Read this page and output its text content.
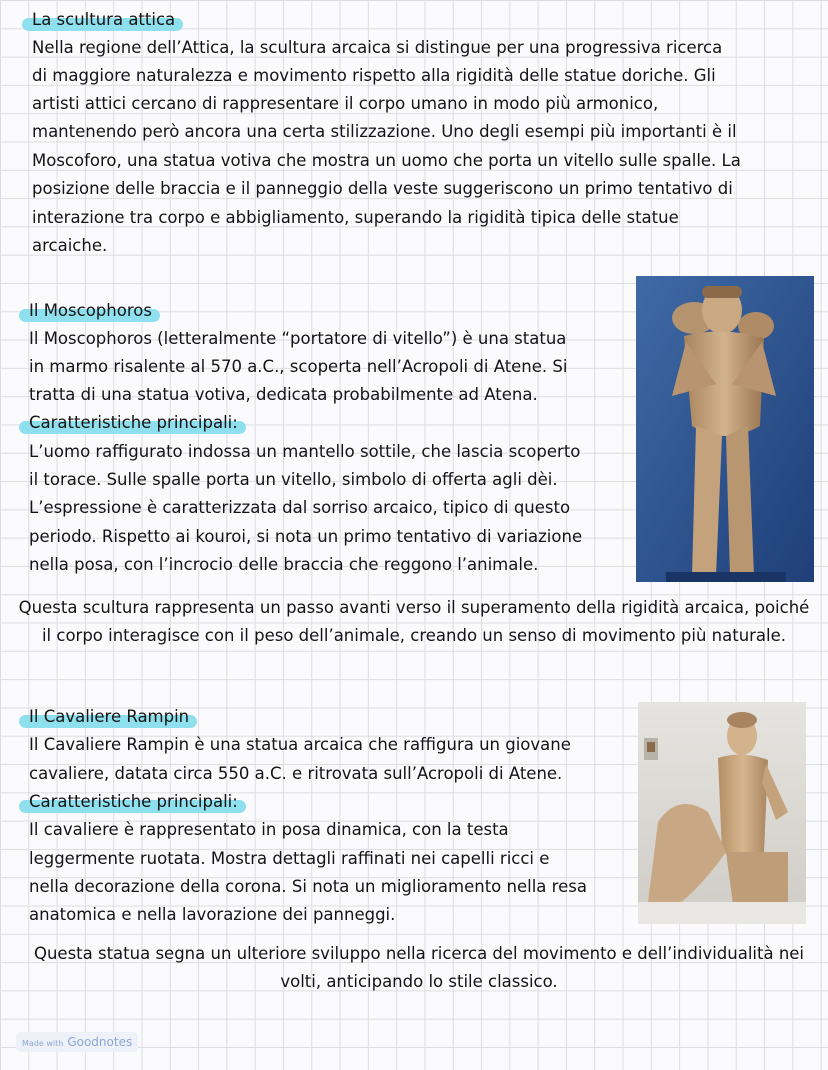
La scultura attica
Nella regione dell’Attica, la scultura arcaica si distingue per una progressiva ricerca
di maggiore naturalezza e movimento rispetto alla rigidità delle statue doriche. Gli
artisti attici cercano di rappresentare il corpo umano in modo più armonico,
mantenendo però ancora una certa stilizzazione. Uno degli esempi più importanti è il
Moscoforo, una statua votiva che mostra un uomo che porta un vitello sulle spalle. La
posizione delle braccia e il panneggio della veste suggeriscono un primo tentativo di
interazione tra corpo e abbigliamento, superando la rigidità tipica delle statue
arcaiche.
Il Moscophoros
Il Moscophoros (letteralmente “portatore di vitello”) è una statua
in marmo risalente al 570 a.C., scoperta nell’Acropoli di Atene. Si
tratta di una statua votiva, dedicata probabilmente ad Atena.
Caratteristiche principali:
L’uomo raffigurato indossa un mantello sottile, che lascia scoperto
il torace. Sulle spalle porta un vitello, simbolo di offerta agli dèi.
L’espressione è caratterizzata dal sorriso arcaico, tipico di questo
periodo. Rispetto ai kouroi, si nota un primo tentativo di variazione
nella posa, con l’incrocio delle braccia che reggono l’animale.
Questa scultura rappresenta un passo avanti verso il superamento della rigidità arcaica, poiché
il corpo interagisce con il peso dell’animale, creando un senso di movimento più naturale.
Il Cavaliere Rampin
Il Cavaliere Rampin è una statua arcaica che raffigura un giovane
cavaliere, datata circa 550 a.C. e ritrovata sull’Acropoli di Atene.
Caratteristiche principali:
Il cavaliere è rappresentato in posa dinamica, con la testa
leggermente ruotata. Mostra dettagli raffinati nei capelli ricci e
nella decorazione della corona. Si nota un miglioramento nella resa
anatomica e nella lavorazione dei panneggi.
Questa statua segna un ulteriore sviluppo nella ricerca del movimento e dell’individualità nei
volti, anticipando lo stile classico.
Made with Goodnotes
